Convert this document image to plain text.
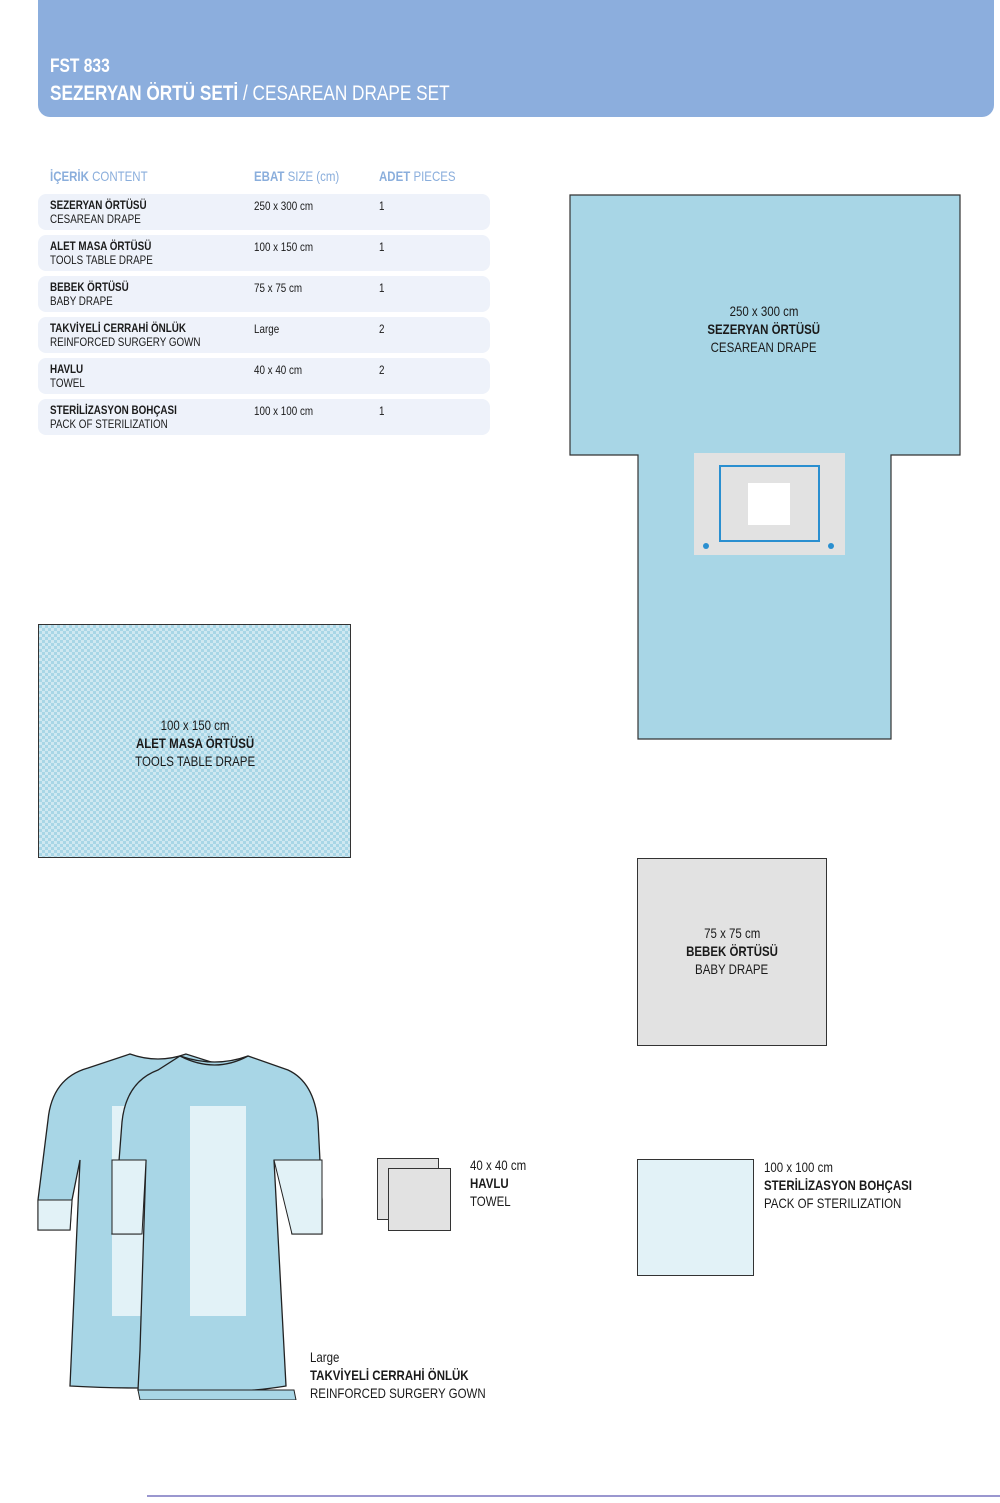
FST 833
SEZERYAN ÖRTÜ SETİ / CESAREAN DRAPE SET
İÇERİK CONTENT	EBAT SIZE (cm)	ADET PIECES
SEZERYAN ÖRTÜSÜ
CESAREAN DRAPE
250 x 300 cm	1
ALET MASA ÖRTÜSÜ
TOOLS TABLE DRAPE
100 x 150 cm	1
BEBEK ÖRTÜSÜ
BABY DRAPE
75 x 75 cm	1
TAKVİYELİ CERRAHİ ÖNLÜK
REINFORCED SURGERY GOWN
Large	2
HAVLU
TOWEL
40 x 40 cm	2
STERİLİZASYON BOHÇASI
PACK OF STERILIZATION
100 x 100 cm	1
250 x 300 cm
SEZERYAN ÖRTÜSÜ
CESAREAN DRAPE
100 x 150 cm
ALET MASA ÖRTÜSÜ
TOOLS TABLE DRAPE
75 x 75 cm
BEBEK ÖRTÜSÜ
BABY DRAPE
Large
TAKVİYELİ CERRAHİ ÖNLÜK
REINFORCED SURGERY GOWN
40 x 40 cm
HAVLU
TOWEL
100 x 100 cm
STERİLİZASYON BOHÇASI
PACK OF STERILIZATION
